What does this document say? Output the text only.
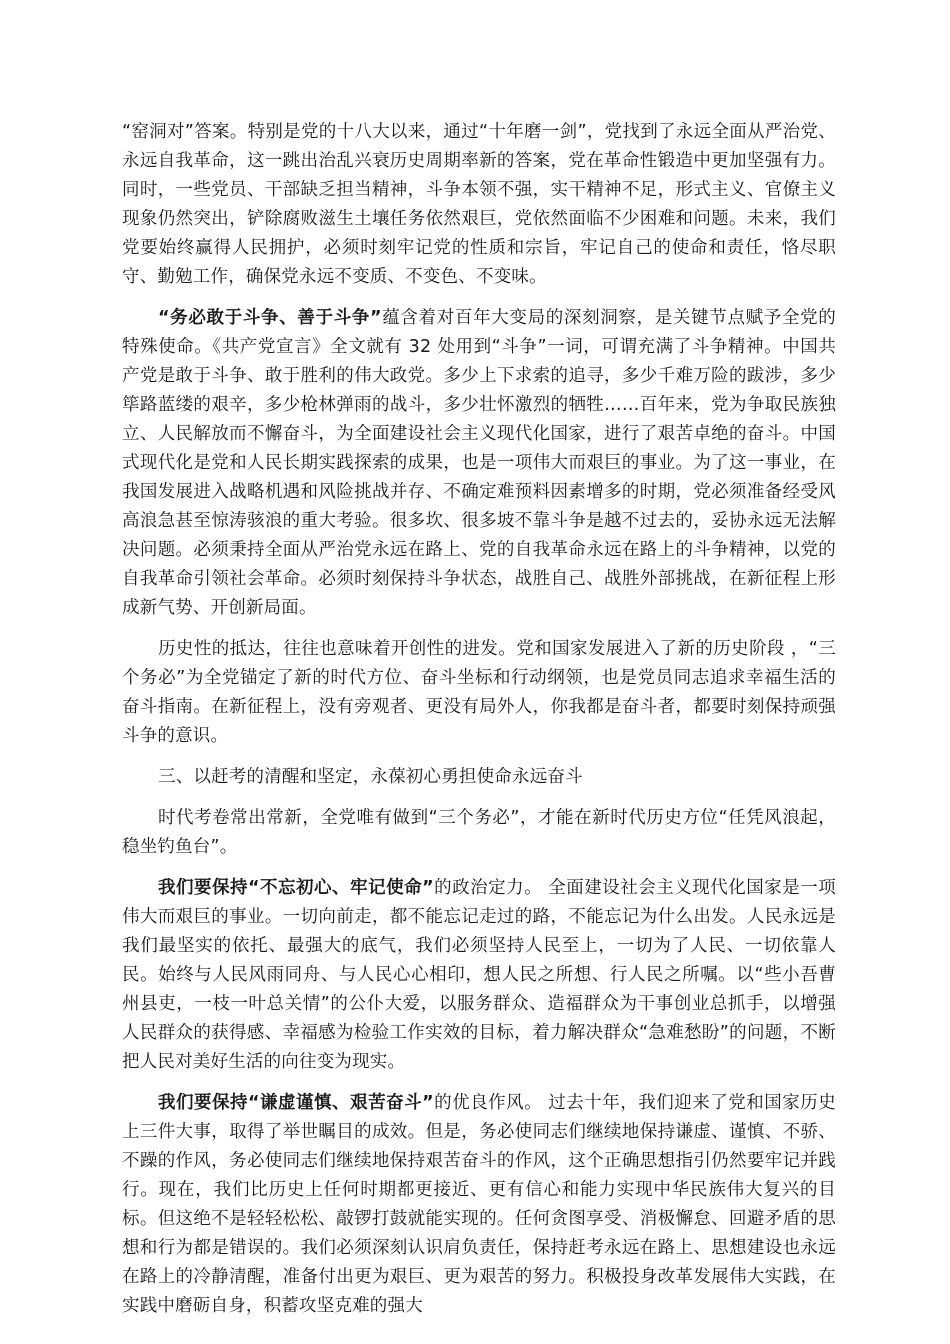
“窑洞对”答案。特别是党的十八大以来，通过“十年磨一剑”，党找到了永远全面从严治党、永远自我革命，这一跳出治乱兴衰历史周期率新的答案，党在革命性锻造中更加坚强有力。同时，一些党员、干部缺乏担当精神，斗争本领不强，实干精神不足，形式主义、官僚主义现象仍然突出，铲除腐败滋生土壤任务依然艰巨，党依然面临不少困难和问题。未来，我们党要始终赢得人民拥护，必须时刻牢记党的性质和宗旨，牢记自己的使命和责任，恪尽职守、勤勉工作，确保党永远不变质、不变色、不变味。

“务必敢于斗争、善于斗争”蕴含着对百年大变局的深刻洞察，是关键节点赋予全党的特殊使命。《共产党宣言》全文就有 32 处用到“斗争”一词，可谓充满了斗争精神。中国共产党是敢于斗争、敢于胜利的伟大政党。多少上下求索的追寻，多少千难万险的跋涉，多少筚路蓝缕的艰辛，多少枪林弹雨的战斗，多少壮怀激烈的牺牲……百年来，党为争取民族独立、人民解放而不懈奋斗，为全面建设社会主义现代化国家，进行了艰苦卓绝的奋斗。中国式现代化是党和人民长期实践探索的成果，也是一项伟大而艰巨的事业。为了这一事业，在我国发展进入战略机遇和风险挑战并存、不确定难预料因素增多的时期，党必须准备经受风高浪急甚至惊涛骇浪的重大考验。很多坎、很多坡不靠斗争是越不过去的，妥协永远无法解决问题。必须秉持全面从严治党永远在路上、党的自我革命永远在路上的斗争精神，以党的自我革命引领社会革命。必须时刻保持斗争状态，战胜自己、战胜外部挑战，在新征程上形成新气势、开创新局面。

历史性的抵达，往往也意味着开创性的进发。党和国家发展进入了新的历史阶段 ，“三个务必”为全党锚定了新的时代方位、奋斗坐标和行动纲领，也是党员同志追求幸福生活的奋斗指南。在新征程上，没有旁观者、更没有局外人，你我都是奋斗者，都要时刻保持顽强斗争的意识。

三、以赶考的清醒和坚定，永葆初心勇担使命永远奋斗

时代考卷常出常新，全党唯有做到“三个务必”，才能在新时代历史方位“任凭风浪起，稳坐钓鱼台”。

我们要保持“不忘初心、牢记使命”的政治定力。 全面建设社会主义现代化国家是一项伟大而艰巨的事业。一切向前走，都不能忘记走过的路，不能忘记为什么出发。人民永远是我们最坚实的依托、最强大的底气，我们必须坚持人民至上，一切为了人民、一切依靠人民。始终与人民风雨同舟、与人民心心相印，想人民之所想、行人民之所嘱。以“些小吾曹州县吏，一枝一叶总关情”的公仆大爱，以服务群众、造福群众为干事创业总抓手，以增强人民群众的获得感、幸福感为检验工作实效的目标，着力解决群众“急难愁盼”的问题，不断把人民对美好生活的向往变为现实。

我们要保持“谦虚谨慎、艰苦奋斗”的优良作风。 过去十年，我们迎来了党和国家历史上三件大事，取得了举世瞩目的成效。但是，务必使同志们继续地保持谦虚、谨慎、不骄、不躁的作风，务必使同志们继续地保持艰苦奋斗的作风，这个正确思想指引仍然要牢记并践行。现在，我们比历史上任何时期都更接近、更有信心和能力实现中华民族伟大复兴的目标。但这绝不是轻轻松松、敲锣打鼓就能实现的。任何贪图享受、消极懈怠、回避矛盾的思想和行为都是错误的。我们必须深刻认识肩负责任，保持赶考永远在路上、思想建设也永远在路上的冷静清醒，准备付出更为艰巨、更为艰苦的努力。积极投身改革发展伟大实践，在实践中磨砺自身，积蓄攻坚克难的强大
